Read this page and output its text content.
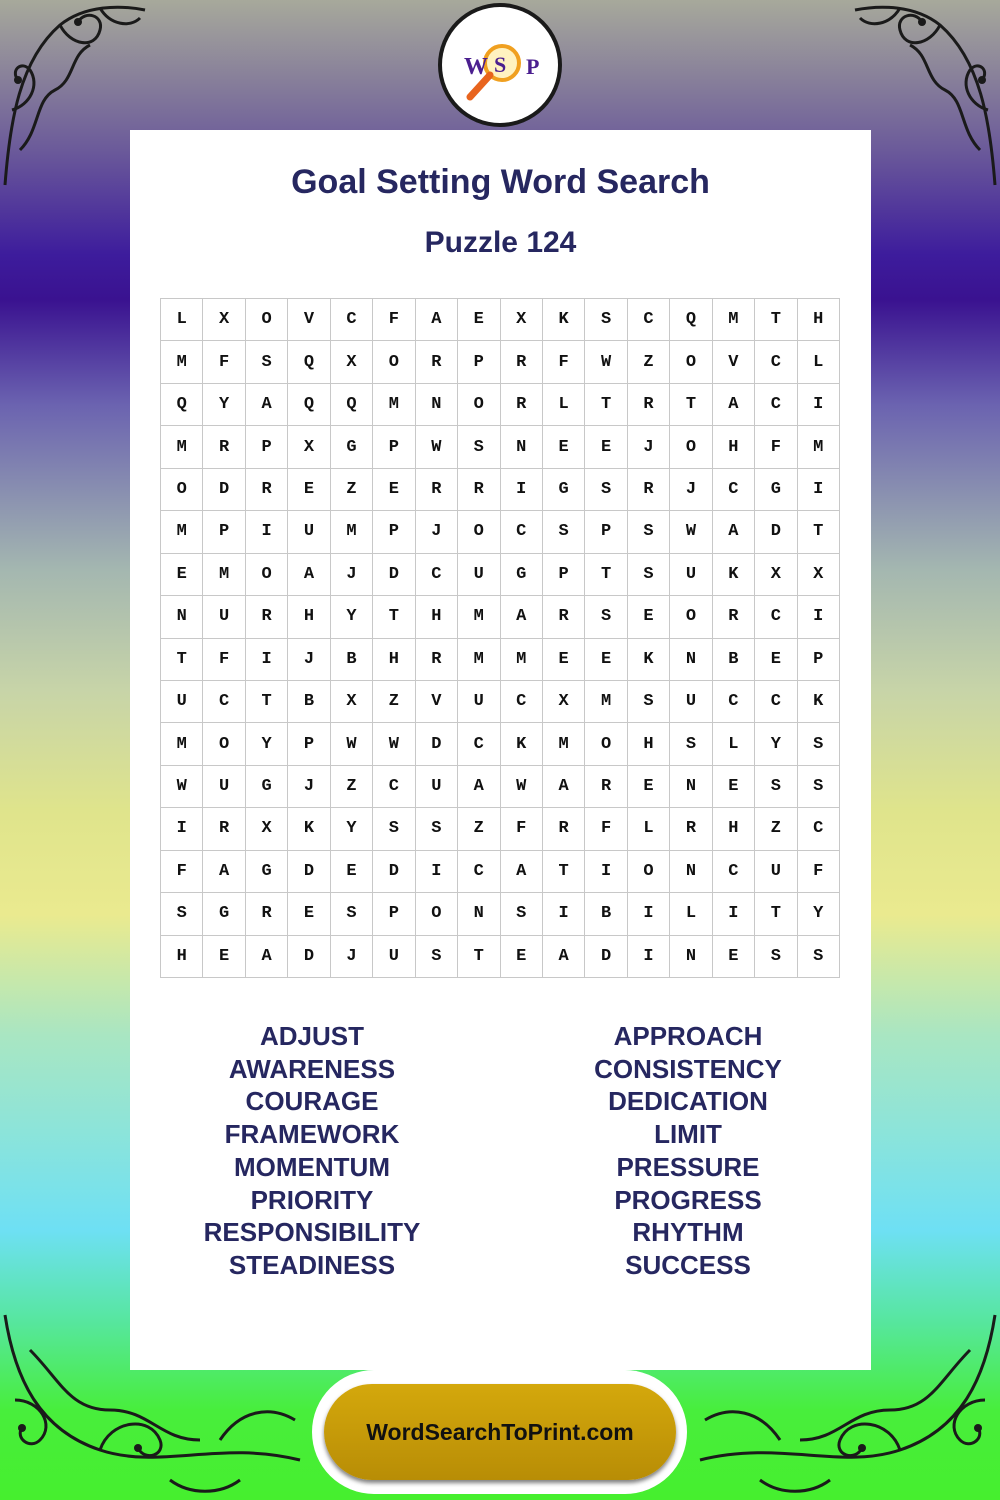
W S P
Goal Setting Word Search
Puzzle 124
L	X	O	V	C	F	A	E	X	K	S	C	Q	M	T	H
M	F	S	Q	X	O	R	P	R	F	W	Z	O	V	C	L
Q	Y	A	Q	Q	M	N	O	R	L	T	R	T	A	C	I
M	R	P	X	G	P	W	S	N	E	E	J	O	H	F	M
O	D	R	E	Z	E	R	R	I	G	S	R	J	C	G	I
M	P	I	U	M	P	J	O	C	S	P	S	W	A	D	T
E	M	O	A	J	D	C	U	G	P	T	S	U	K	X	X
N	U	R	H	Y	T	H	M	A	R	S	E	O	R	C	I
T	F	I	J	B	H	R	M	M	E	E	K	N	B	E	P
U	C	T	B	X	Z	V	U	C	X	M	S	U	C	C	K
M	O	Y	P	W	W	D	C	K	M	O	H	S	L	Y	S
W	U	G	J	Z	C	U	A	W	A	R	E	N	E	S	S
I	R	X	K	Y	S	S	Z	F	R	F	L	R	H	Z	C
F	A	G	D	E	D	I	C	A	T	I	O	N	C	U	F
S	G	R	E	S	P	O	N	S	I	B	I	L	I	T	Y
H	E	A	D	J	U	S	T	E	A	D	I	N	E	S	S
ADJUST
AWARENESS
COURAGE
FRAMEWORK
MOMENTUM
PRIORITY
RESPONSIBILITY
STEADINESS
APPROACH
CONSISTENCY
DEDICATION
LIMIT
PRESSURE
PROGRESS
RHYTHM
SUCCESS
WordSearchToPrint.com
